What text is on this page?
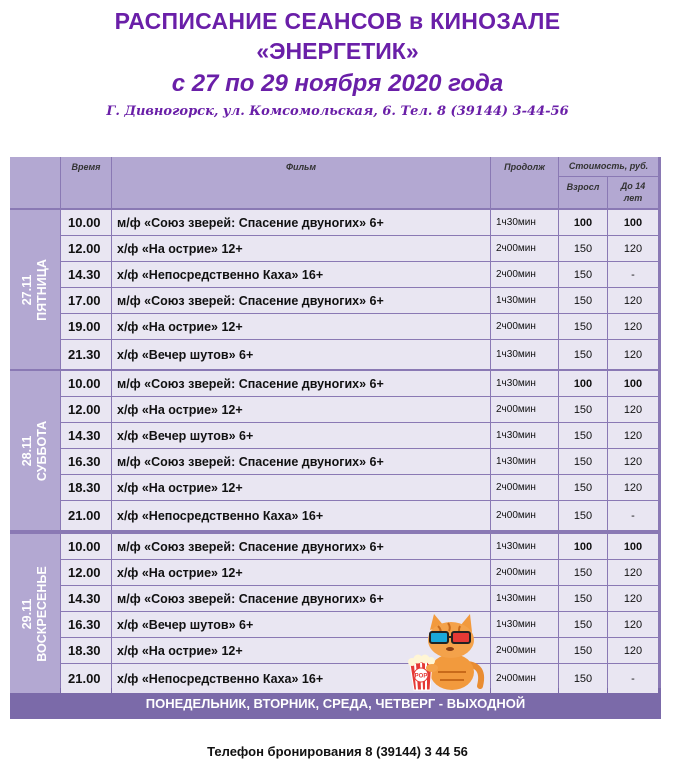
РАСПИСАНИЕ СЕАНСОВ в КИНОЗАЛЕ
«ЭНЕРГЕТИК»
с 27 по 29 ноября 2020 года
Г. Дивногорск, ул. Комсомольская, 6. Тел. 8 (39144) 3-44-56
ПОНЕДЕЛЬНИК, ВТОРНИК, СРЕДА, ЧЕТВЕРГ - ВЫХОДНОЙ
Время	Фильм	Продолж	Стоимость, руб.
Взросл	До 14 лет
27.11 ПЯТНИЦА
10.00	м/ф «Союз зверей: Спасение двуногих» 6+	1ч30мин	100	100
12.00	х/ф «На острие» 12+	2ч00мин	150	120
14.30	х/ф «Непосредственно Каха» 16+	2ч00мин	150	-
17.00	м/ф «Союз зверей: Спасение двуногих» 6+	1ч30мин	150	120
19.00	х/ф «На острие» 12+	2ч00мин	150	120
21.30	х/ф «Вечер шутов» 6+	1ч30мин	150	120
28.11 СУББОТА
10.00	м/ф «Союз зверей: Спасение двуногих» 6+	1ч30мин	100	100
12.00	х/ф «На острие» 12+	2ч00мин	150	120
14.30	х/ф «Вечер шутов» 6+	1ч30мин	150	120
16.30	м/ф «Союз зверей: Спасение двуногих» 6+	1ч30мин	150	120
18.30	х/ф «На острие» 12+	2ч00мин	150	120
21.00	х/ф «Непосредственно Каха» 16+	2ч00мин	150	-
29.11 ВОСКРЕСЕНЬЕ
10.00	м/ф «Союз зверей: Спасение двуногих» 6+	1ч30мин	100	100
12.00	х/ф «На острие» 12+	2ч00мин	150	120
14.30	м/ф «Союз зверей: Спасение двуногих» 6+	1ч30мин	150	120
16.30	х/ф «Вечер шутов» 6+	1ч30мин	150	120
18.30	х/ф «На острие» 12+	2ч00мин	150	120
21.00	х/ф «Непосредственно Каха» 16+	2ч00мин	150	-
Телефон бронирования 8 (39144) 3 44 56
POP
